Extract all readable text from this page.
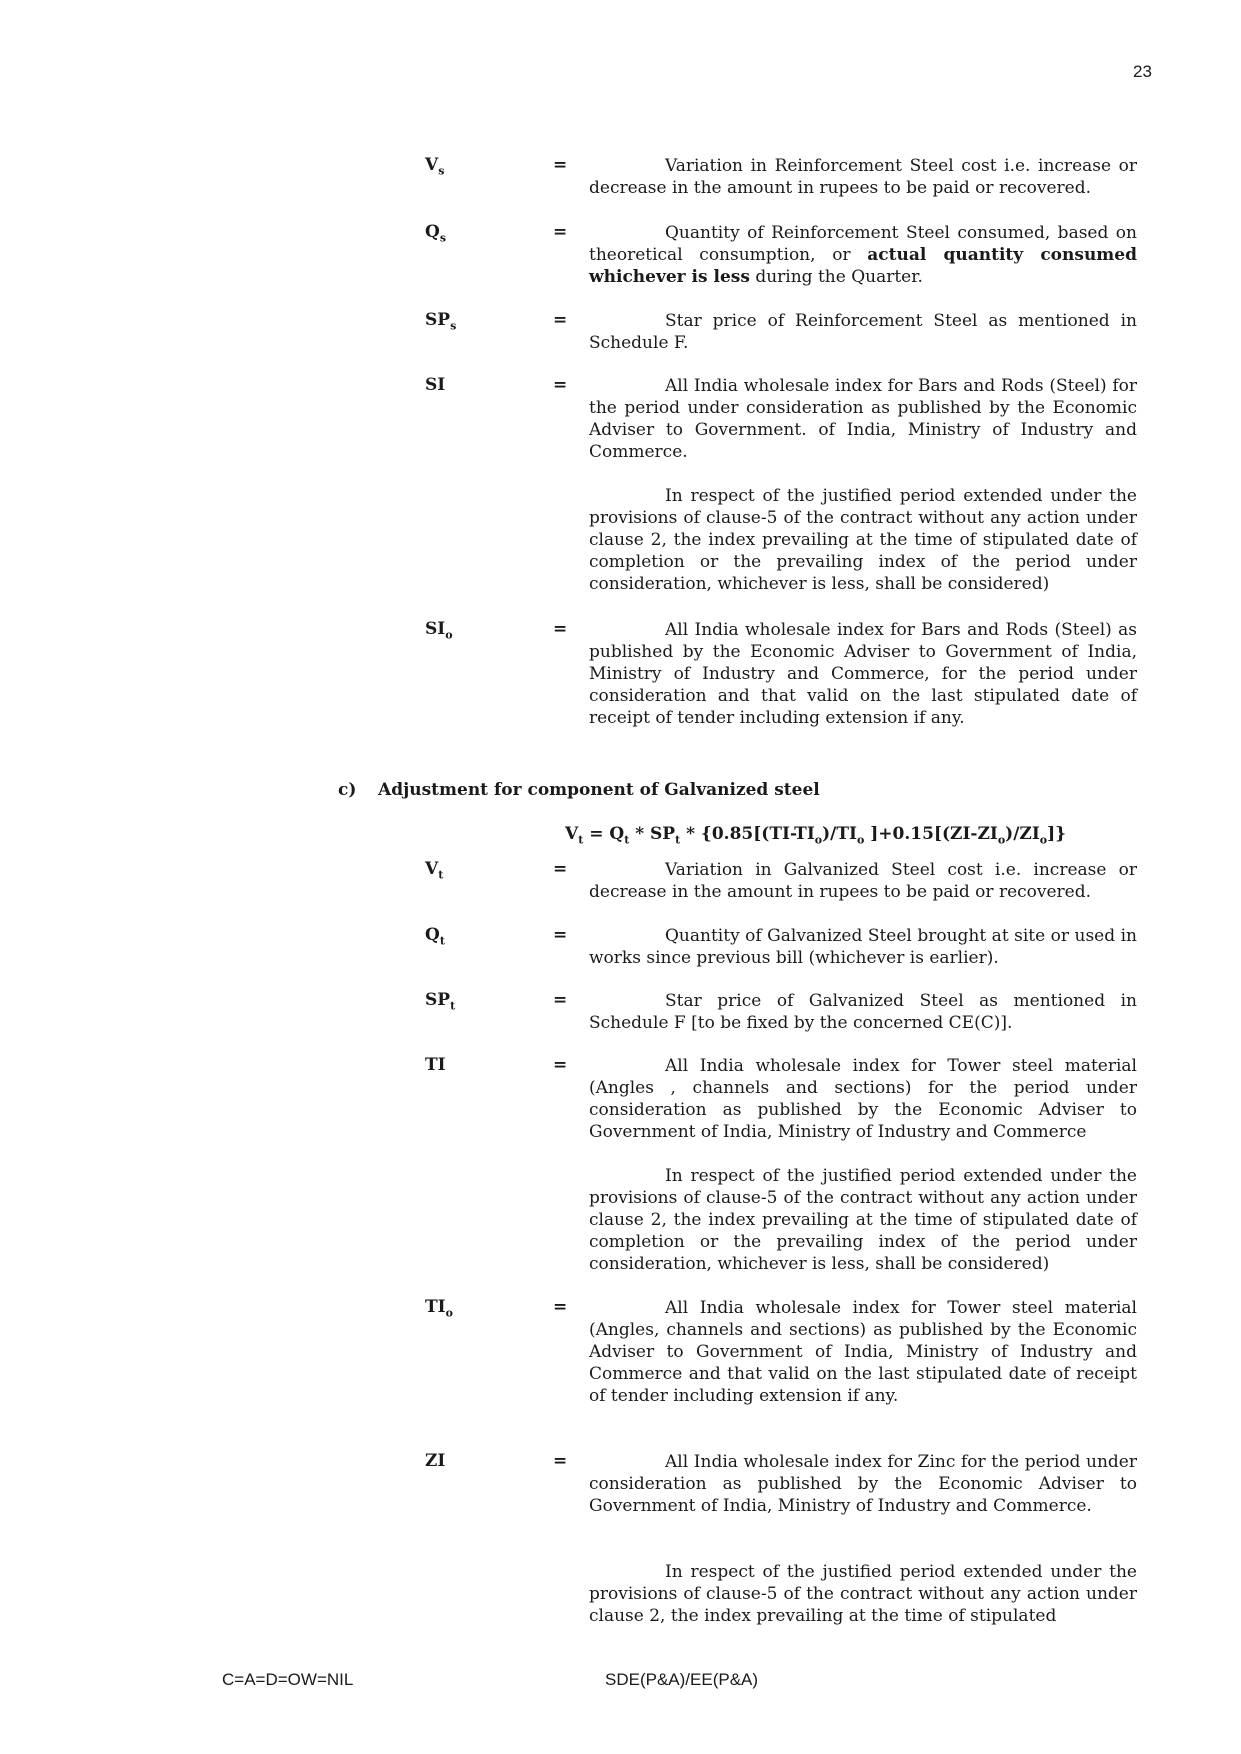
23
$V_s$	=	Variation in Reinforcement Steel cost i.e. increase or decrease in the amount in rupees to be paid or recovered.
$Q_s$	=	Quantity of Reinforcement Steel consumed, based on theoretical consumption, or actual quantity consumed whichever is less during the Quarter.
$SP_s$	=	Star price of Reinforcement Steel as mentioned in Schedule F.
SI	=	All India wholesale index for Bars and Rods (Steel) for the period under consideration as published by the Economic Adviser to Government. of India, Ministry of Industry and Commerce.
In respect of the justified period extended under the provisions of clause-5 of the contract without any action under clause 2, the index prevailing at the time of stipulated date of completion or the prevailing index of the period under consideration, whichever is less, shall be considered)
$SI_o$	=	All India wholesale index for Bars and Rods (Steel) as published by the Economic Adviser to Government of India, Ministry of Industry and Commerce, for the period under consideration and that valid on the last stipulated date of receipt of tender including extension if any.
c) Adjustment for component of Galvanized steel
$V_t = Q_t * SP_t * \{0.85[(TI-TI_o)/TI_o$ ]$+0.15[(ZI-ZI_o)/ZI_o]$}
$V_t$	=	Variation in Galvanized Steel cost i.e. increase or decrease in the amount in rupees to be paid or recovered.
$Q_t$	=	Quantity of Galvanized Steel brought at site or used in works since previous bill (whichever is earlier).
$SP_t$	=	Star price of Galvanized Steel as mentioned in Schedule F [to be fixed by the concerned CE(C)].
TI	=	All India wholesale index for Tower steel material (Angles , channels and sections) for the period under consideration as published by the Economic Adviser to Government of India, Ministry of Industry and Commerce
In respect of the justified period extended under the provisions of clause-5 of the contract without any action under clause 2, the index prevailing at the time of stipulated date of completion or the prevailing index of the period under consideration, whichever is less, shall be considered)
$TI_o$	=	All India wholesale index for Tower steel material (Angles, channels and sections) as published by the Economic Adviser to Government of India, Ministry of Industry and Commerce and that valid on the last stipulated date of receipt of tender including extension if any.
ZI	=	All India wholesale index for Zinc for the period under consideration as published by the Economic Adviser to Government of India, Ministry of Industry and Commerce.
In respect of the justified period extended under the provisions of clause-5 of the contract without any action under clause 2, the index prevailing at the time of stipulated
C=A=D=OW=NIL	SDE(P&A)/EE(P&A)
